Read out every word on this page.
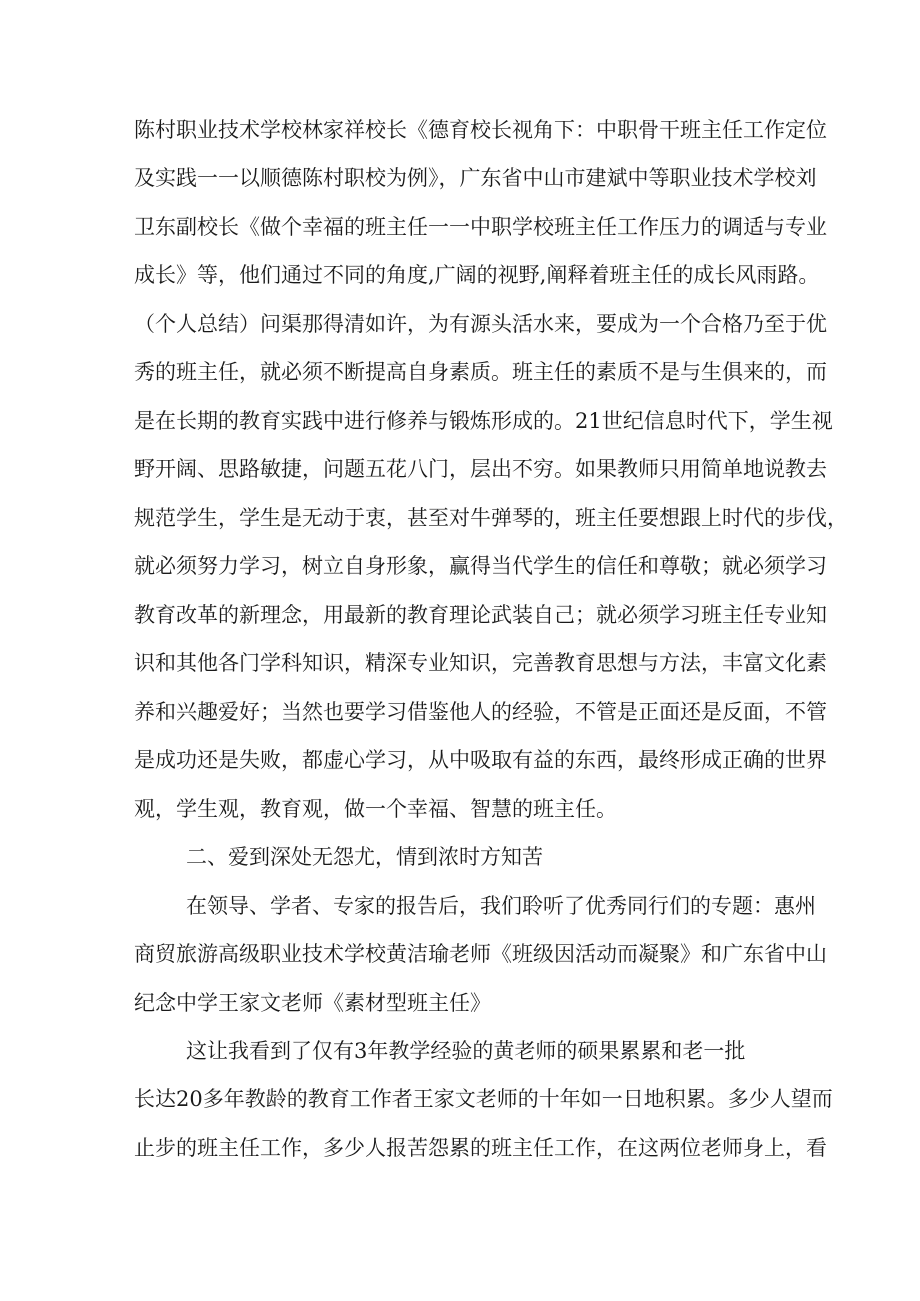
陈村职业技术学校林家祥校长《德育校长视角下：中职骨干班主任工作定位
及实践一一以顺德陈村职校为例》，广东省中山市建斌中等职业技术学校刘
卫东副校长《做个幸福的班主任一一中职学校班主任工作压力的调适与专业
成长》等，他们通过不同的角度,广阔的视野,阐释着班主任的成长风雨路。
（个人总结）问渠那得清如许，为有源头活水来，要成为一个合格乃至于优
秀的班主任，就必须不断提高自身素质。班主任的素质不是与生俱来的，而
是在长期的教育实践中进行修养与锻炼形成的。21世纪信息时代下，学生视
野开阔、思路敏捷，问题五花八门，层出不穷。如果教师只用简单地说教去
规范学生，学生是无动于衷，甚至对牛弹琴的，班主任要想跟上时代的步伐，
就必须努力学习，树立自身形象，赢得当代学生的信任和尊敬；就必须学习
教育改革的新理念，用最新的教育理论武装自己；就必须学习班主任专业知
识和其他各门学科知识，精深专业知识，完善教育思想与方法，丰富文化素
养和兴趣爱好；当然也要学习借鉴他人的经验，不管是正面还是反面，不管
是成功还是失败，都虚心学习，从中吸取有益的东西，最终形成正确的世界
观，学生观，教育观，做一个幸福、智慧的班主任。
二、爱到深处无怨尤，情到浓时方知苦
在领导、学者、专家的报告后，我们聆听了优秀同行们的专题：惠州
商贸旅游高级职业技术学校黄洁瑜老师《班级因活动而凝聚》和广东省中山
纪念中学王家文老师《素材型班主任》
这让我看到了仅有3年教学经验的黄老师的硕果累累和老一批
长达20多年教龄的教育工作者王家文老师的十年如一日地积累。多少人望而
止步的班主任工作，多少人报苦怨累的班主任工作，在这两位老师身上，看
